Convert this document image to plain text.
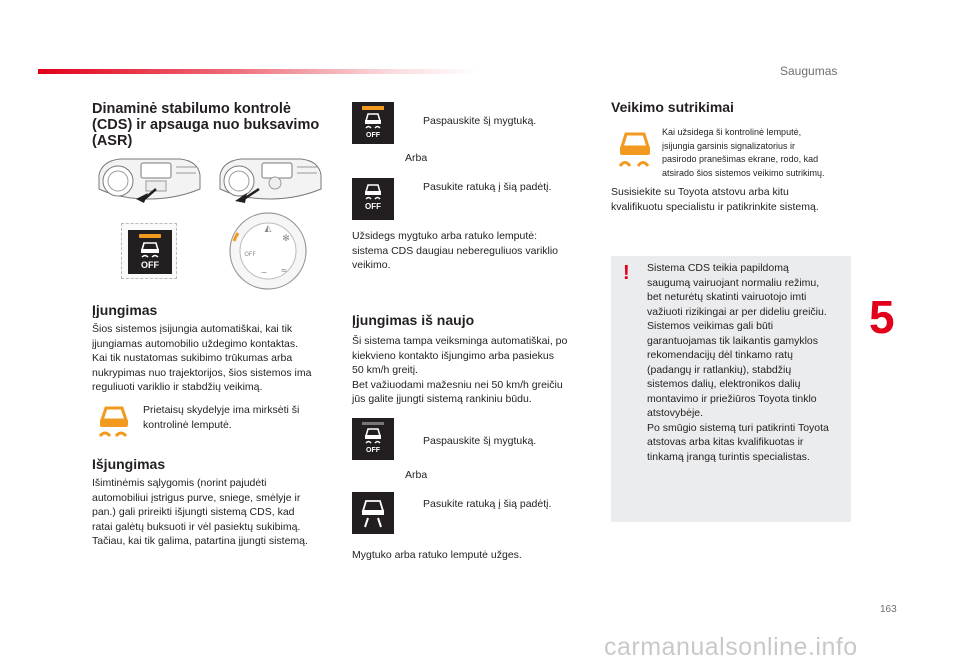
Saugumas
Dinaminė stabilumo kontrolė
(CDS) ir apsauga nuo buksavimo
(ASR)
OFF
◭
✻
OFF
≈
∼
Įjungimas

Šios sistemos įsijungia automatiškai, kai tik

įjungiamas automobilio uždegimo kontaktas.

Kai tik nustatomas sukibimo trūkumas arba

nukrypimas nuo trajektorijos, šios sistemos ima

reguliuoti variklio ir stabdžių veikimą.

Prietaisų skydelyje ima mirksėti ši

kontrolinė lemputė.

Išjungimas

Išimtinėmis sąlygomis (norint pajudėti

automobiliui įstrigus purve, sniege, smėlyje ir

pan.) gali prireikti išjungti sistemą CDS, kad

ratai galėtų buksuoti ir vėl pasiektų sukibimą.

Tačiau, kai tik galima, patartina įjungti sistemą.

OFF
Paspauskite šį mygtuką.

Arba

OFF
Pasukite ratuką į šią padėtį.

Užsidegs mygtuko arba ratuko lemputė:

sistema CDS daugiau nebereguliuos variklio

veikimo.

Įjungimas iš naujo

Ši sistema tampa veiksminga automatiškai, po

kiekvieno kontakto išjungimo arba pasiekus

50 km/h greitį.

Bet važiuodami mažesniu nei 50 km/h greičiu

jūs galite įjungti sistemą rankiniu būdu.

OFF
Paspauskite šį mygtuką.

Arba

Pasukite ratuką į šią padėtį.

Mygtuko arba ratuko lemputė užges.

Veikimo sutrikimai

Kai užsidega ši kontrolinė lemputė,

įsijungia garsinis signalizatorius ir

pasirodo pranešimas ekrane, rodo, kad

atsirado šios sistemos veikimo sutrikimų.

Susisiekite su Toyota atstovu arba kitu

kvalifikuotu specialistu ir patikrinkite sistemą.

! Sistema CDS teikia papildomą

saugumą vairuojant normaliu režimu,

bet neturėtų skatinti vairuotojo imti

važiuoti rizikingai ar per dideliu greičiu.

Sistemos veikimas gali būti

garantuojamas tik laikantis gamyklos

rekomendacijų dėl tinkamo ratų

(padangų ir ratlankių), stabdžių

sistemos dalių, elektronikos dalių

montavimo ir priežiūros Toyota tinklo

atstovybėje.

Po smūgio sistemą turi patikrinti Toyota

atstovas arba kitas kvalifikuotas ir

tinkamą įrangą turintis specialistas.

5
163
carmanualsonline.info
